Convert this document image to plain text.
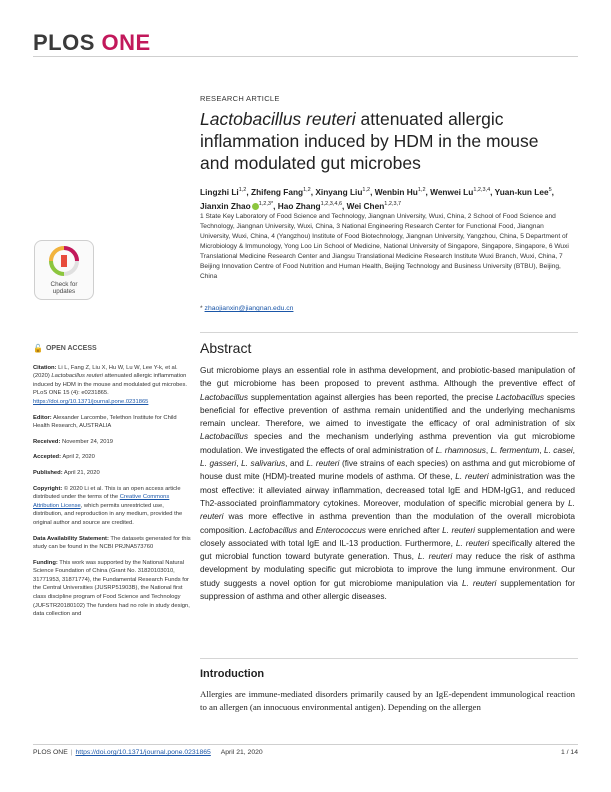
PLOS ONE
RESEARCH ARTICLE
Lactobacillus reuteri attenuated allergic inflammation induced by HDM in the mouse and modulated gut microbes
Lingzhi Li$^{1,2}$, Zhifeng Fang$^{1,2}$, Xinyang Liu$^{1,2}$, Wenbin Hu$^{1,2}$, Wenwei Lu$^{1,2,3,4}$, Yuan-kun Lee$^5$, Jianxin Zhao $^{1,2,3*}$, Hao Zhang$^{1,2,3,4,6}$, Wei Chen$^{1,2,3,7}$
1 State Key Laboratory of Food Science and Technology, Jiangnan University, Wuxi, China, 2 School of Food Science and Technology, Jiangnan University, Wuxi, China, 3 National Engineering Research Center for Functional Food, Jiangnan University, Wuxi, China, 4 (Yangzhou) Institute of Food Biotechnology, Jiangnan University, Yangzhou, China, 5 Department of Microbiology & Immunology, Yong Loo Lin School of Medicine, National University of Singapore, Singapore, Singapore, 6 Wuxi Translational Medicine Research Center and Jiangsu Translational Medicine Research Institute Wuxi Branch, Wuxi, China, 7 Beijing Innovation Centre of Food Nutrition and Human Health, Beijing Technology and Business University (BTBU), Beijing, China
* zhaojianxin@jiangnan.edu.cn
Check for
updates
🔓 OPEN ACCESS
Citation: Li L, Fang Z, Liu X, Hu W, Lu W, Lee Y-k, et al. (2020) Lactobacillus reuteri attenuated allergic inflammation induced by HDM in the mouse and modulated gut microbes. PLoS ONE 15 (4): e0231865. https://doi.org/10.1371/journal.pone.0231865
Editor: Alexander Larcombe, Telethon Institute for Child Health Research, AUSTRALIA
Received: November 24, 2019
Accepted: April 2, 2020
Published: April 21, 2020
Copyright: © 2020 Li et al. This is an open access article distributed under the terms of the Creative Commons Attribution License, which permits unrestricted use, distribution, and reproduction in any medium, provided the original author and source are credited.
Data Availability Statement: The datasets generated for this study can be found in the NCBI PRJNA573760
Funding: This work was supported by the National Natural Science Foundation of China (Grant No. 31820103010, 31771953, 31871774), the Fundamental Research Funds for the Central Universities (JUSRP51903B), the National first class discipline program of Food Science and Technology (JUFSTR20180102) The funders had no role in study design, data collection and
Abstract
Gut microbiome plays an essential role in asthma development, and probiotic-based manipulation of the gut microbiome has been proposed to prevent asthma. Although the preventive effect of Lactobacillus supplementation against allergies has been reported, the precise Lactobacillus species beneficial for effective prevention of asthma remain unidentified and the underlying mechanisms remain unclear. Therefore, we aimed to investigate the efficacy of oral administration of six Lactobacillus species and the mechanism underlying asthma prevention via gut microbiome modulation. We investigated the effects of oral administration of L. rhamnosus, L. fermentum, L. casei, L. gasseri, L. salivarius, and L. reuteri (five strains of each species) on asthma and gut microbiome of house dust mite (HDM)-treated murine models of asthma. Of these, L. reuteri administration was the most effective: it alleviated airway inflammation, decreased total IgE and HDM-IgG1, and reduced Th2-associated proinflammatory cytokines. Moreover, modulation of specific microbial genera by L. reuteri was more effective in asthma prevention than the modulation of the overall microbiota composition. Lactobacillus and Enterococcus were enriched after L. reuteri supplementation and were closely associated with total IgE and IL-13 production. Furthermore, L. reuteri specifically altered the gut microbial function toward butyrate generation. Thus, L. reuteri may reduce the risk of asthma development by modulating specific gut microbiota to improve the lung immune environment. Our study suggests a novel option for gut microbiome manipulation via L. reuteri supplementation for suppression of asthma and other allergic diseases.
Introduction
Allergies are immune-mediated disorders primarily caused by an IgE-dependent immunological reaction to an allergen (an innocuous environmental antigen). Depending on the allergen
PLOS ONE | https://doi.org/10.1371/journal.pone.0231865 April 21, 2020	1 / 14
